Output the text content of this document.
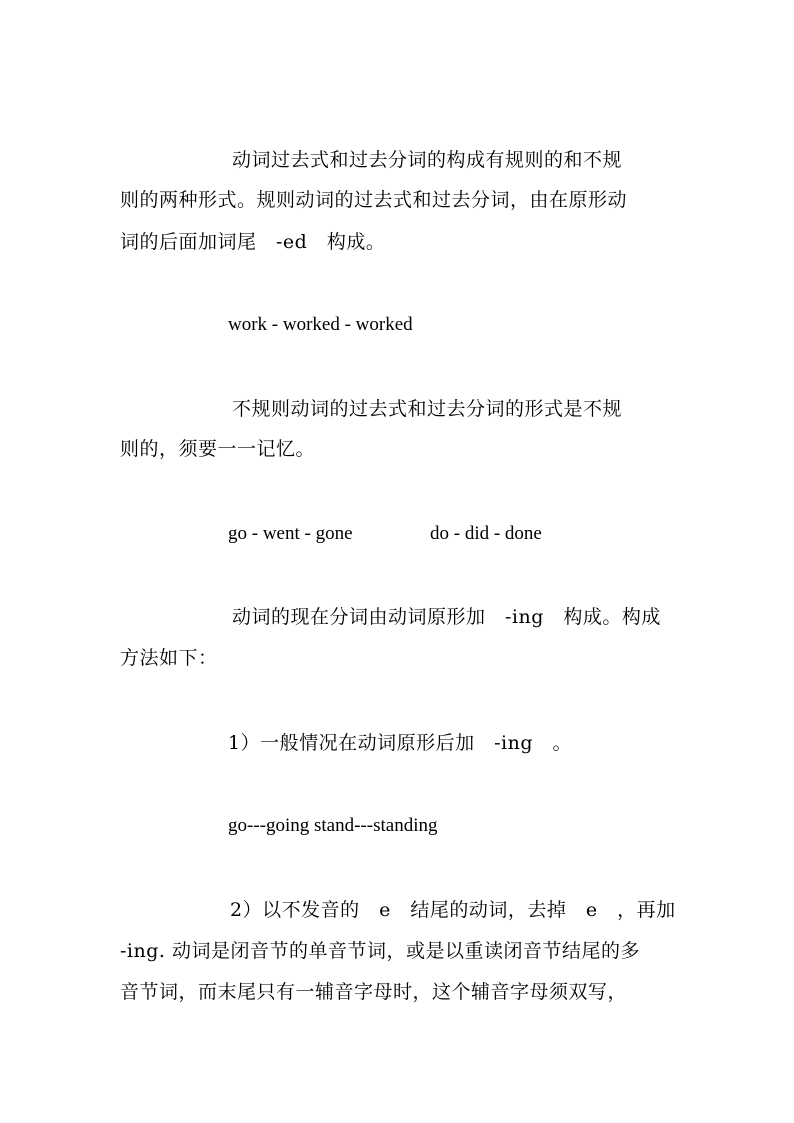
动词过去式和过去分词的构成有规则的和不规
则的两种形式。规则动词的过去式和过去分词，由在原形动
词的后面加词尾　-ed　构成。
work - worked - worked
不规则动词的过去式和过去分词的形式是不规
则的，须要一一记忆。
go - went - gone	do - did - done
动词的现在分词由动词原形加　-ing　构成。构成
方法如下：
1）一般情况在动词原形后加　-ing　。
go---going stand---standing
2）以不发音的　e　结尾的动词，去掉　e　，再加
-ing. 动词是闭音节的单音节词，或是以重读闭音节结尾的多
音节词，而末尾只有一辅音字母时，这个辅音字母须双写，
